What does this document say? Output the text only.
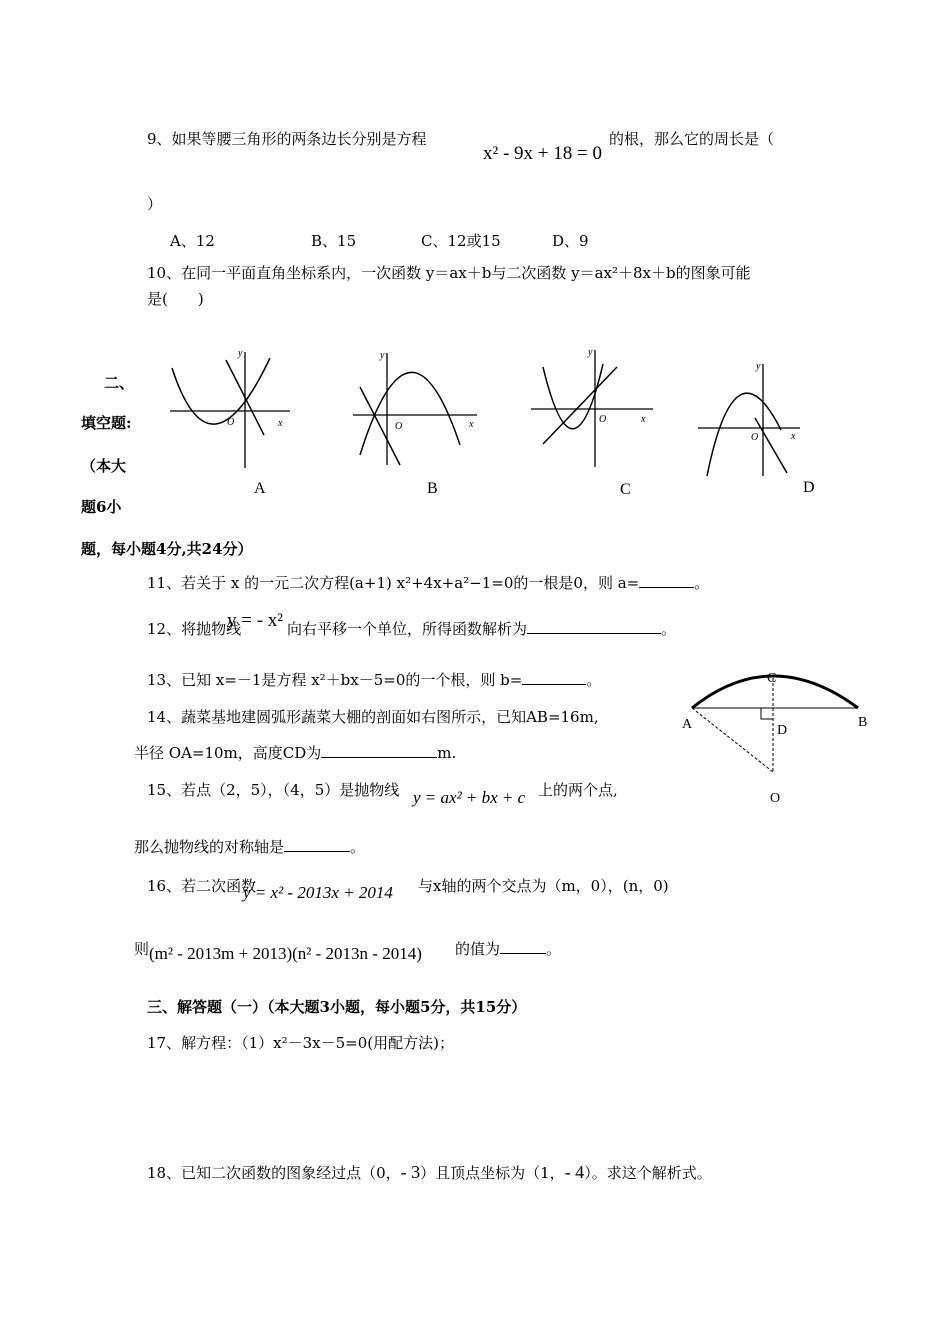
9、如果等腰三角形的两条边长分别是方程
x² - 9x + 18 = 0
的根，那么它的周长是（
）
A、12	B、15	C、12或15	D、9
10、在同一平面直角坐标系内，一次函数 y＝ax＋b与二次函数 y＝ax²＋8x＋b的图象可能
是(　　)
二、
填空题:
（本大
题6小
题，每小题4分,共24分）
y
x
O
A
y
x
O
B
y
x
O
C
y
x
O
D
11、若关于 x 的一元二次方程(a+1) x²+4x+a²−1=0的一根是0，则 a=	。
12、将抛物线
y = - x² 向右平移一个单位，所得函数解析为	。
13、已知 x=－1是方程 x²＋bx－5=0的一个根，则 b=	。
14、蔬菜基地建圆弧形蔬菜大棚的剖面如右图所示，已知AB=16m,
半径 OA=10m，高度CD为	m.
C
A	B
D
O
15、若点（2，5），（4，5）是抛物线 y = ax² + bx + c 上的两个点,
那么抛物线的对称轴是	。
16、若二次函数
y = x² - 2013x + 2014 与x轴的两个交点为（m，0），(n，0)
则 (m² - 2013m + 2013)(n² - 2013n - 2014) 的值为	。
三、解答题（一）（本大题3小题，每小题5分，共15分）
17、解方程：（1）x²－3x－5=0(用配方法)；
18、已知二次函数的图象经过点（0，- 3）且顶点坐标为（1，- 4）。求这个解析式。
